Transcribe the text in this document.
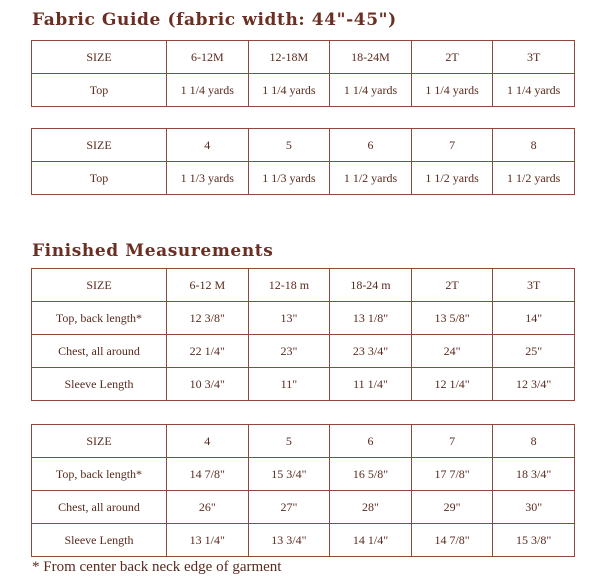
Fabric Guide (fabric width: 44"-45")
SIZE	6-12M	12-18M	18-24M	2T	3T
Top	1 1/4 yards	1 1/4 yards	1 1/4 yards	1 1/4 yards	1 1/4 yards
SIZE	4	5	6	7	8
Top	1 1/3 yards	1 1/3 yards	1 1/2 yards	1 1/2 yards	1 1/2 yards
Finished Measurements
SIZE	6-12 M	12-18 m	18-24 m	2T	3T
Top, back length*	12 3/8"	13"	13 1/8"	13 5/8"	14"
Chest, all around	22 1/4"	23"	23 3/4"	24"	25"
Sleeve Length	10 3/4"	11"	11 1/4"	12 1/4"	12 3/4"
SIZE	4	5	6	7	8
Top, back length*	14 7/8"	15 3/4"	16 5/8"	17 7/8"	18 3/4"
Chest, all around	26"	27"	28"	29"	30"
Sleeve Length	13 1/4"	13 3/4"	14 1/4"	14 7/8"	15 3/8"
* From center back neck edge of garment
